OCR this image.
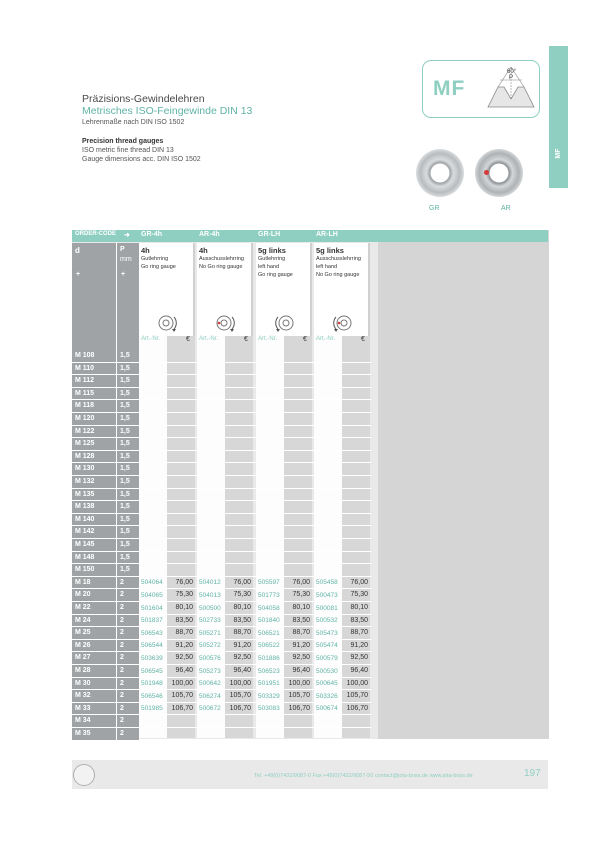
MF
Präzisions-Gewindelehren
Metrisches ISO-Feingewinde DIN 13
Lehrenmaße nach DIN ISO 1502
Precision thread gauges
ISO metric fine thread DIN 13
Gauge dimensions acc. DIN ISO 1502
MF
60°
P
GR	AR
ORDER-CODE ➜ GR-4h	AR-4h	GR-LH	AR-LH
d	P
mm
+	+
4h
Gutlehrring
Go ring gauge
4h
Ausschusslehrring
No Go ring gauge
5g links
Gutlehrring
left hand
Go ring gauge
5g links
Ausschusslehrring
left hand
No Go ring gauge
Art.-Nr.	€ Art.-Nr.	€ Art.-Nr.	€ Art.-Nr.	€
M 108	1,5
M 110	1,5
M 112	1,5
M 115	1,5
M 118	1,5
M 120	1,5
M 122	1,5
M 125	1,5
M 128	1,5
M 130	1,5
M 132	1,5
M 135	1,5
M 138	1,5
M 140	1,5
M 142	1,5
M 145	1,5
M 148	1,5
M 150	1,5
M 18	2	504064	76,00 504012	76,00 505597	76,00 505458	76,00
M 20	2	504065	75,30 504013	75,30 501773	75,30 500473	75,30
M 22	2	501604	80,10 500500	80,10 504058	80,10 500081	80,10
M 24	2	501837	83,50 502733	83,50 501840	83,50 500532	83,50
M 25	2	506543	88,70 505271	88,70 506521	88,70 505473	88,70
M 26	2	506544	91,20 505272	91,20 506522	91,20 505474	91,20
M 27	2	503639	92,50 500576	92,50 501886	92,50 500579	92,50
M 28	2	506545	96,40 505273	96,40 506523	96,40 500530	96,40
M 30	2	501948	100,00 500642	100,00 501951	100,00 500645	100,00
M 32	2	506546	105,70 506274	105,70 503329	105,70 503326	105,70
M 33	2	501985	106,70 500672	106,70 503083	106,70 500674	106,70
M 34	2
M 35	2
Tel. +49(0)7432/9087-0 Fax +49(0)7432/9087-50 contact@jota-boss.de www.jota-boss.de	197
